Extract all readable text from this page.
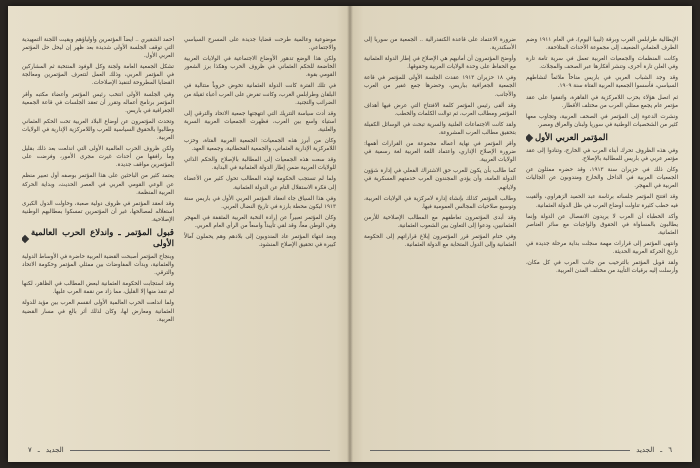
موضوعية وعالمية طرحت قضايا جديدة على المسرح السياسي والاجتماعي.

ولكن هذا الوضع تدهور الأوضاع الاجتماعية في الولايات العربية الخاضعة للحكم العثماني في ظروف الحرب وهكذا برز الشعور القومي بقوة.

في تلك الفترة كانت الدولة العثمانية تخوض حروباً متتالية في البلقان وطرابلس الغرب، وكانت تفرض على العرب أعباء ثقيلة من الضرائب والتجنيد.

وقد أدت سياسة التتريك التي انتهجتها جمعية الاتحاد والترقي إلى استياء واسع بين العرب، فظهرت الجمعيات العربية السرية والعلنية.

وكان من أبرز هذه الجمعيات: الجمعية العربية الفتاة، وحزب اللامركزية الإدارية العثماني، والجمعية القحطانية، وجمعية العهد.

وقد سعت هذه الجمعيات إلى المطالبة بالإصلاح والحكم الذاتي للولايات العربية ضمن إطار الدولة العثمانية في البداية.

ولما لم تستجب الحكومة لهذه المطالب تحول كثير من الأعضاء إلى فكرة الاستقلال التام عن الدولة العثمانية.

وفي هذا السياق جاء انعقاد المؤتمر العربي الأول في باريس سنة ١٩١٣ ليكون محطة بارزة في تاريخ النضال العربي.

وكان المؤتمر تعبيراً عن إرادة النخبة العربية المثقفة في المهجر وفي الوطن معاً، وقد لقي تأييداً واسعاً من الرأي العام العربي.

وبعد انتهاء المؤتمر عاد المندوبون إلى بلادهم وهم يحملون آمالاً كبيرة في تحقيق الإصلاح المنشود.

أحمد الشقيري .. ايضاً المؤتمرين وأولياؤهم وبقيت اللجنة التمهيدية التي توقف الجلسة الأولى شديدة بعد ظهر إن ليحل حل المؤتمر العربي الأول.

تشكل الجمعية العامة ولجنة وكل الوفود المنتخبة ثم المشاركين في المؤتمر العربي، وذلك العمل لتتعرف المؤتمرين ومعالجة القضايا المطروحة لتنفيذ الإصلاحات.

وفي الجلسة الأولى انتخب رئيس المؤتمر وأعضاء مكتبه وأقر المؤتمر برنامج أعماله وتقرر أن تعقد الجلسات في قاعة الجمعية الجغرافية في باريس.

وتحدث المؤتمرون عن أوضاع البلاد العربية تحت الحكم العثماني وطالبوا بالحقوق السياسية للعرب واللامركزية الإدارية في الولايات العربية.

ولكن ظروف الحرب العالمية الأولى التي اندلعت بعد ذلك بقليل وما رافقها من أحداث غيرت مجرى الأمور، وفرضت على المؤتمرين مواقف جديدة.

يعتمد كثير من الباحثين على هذا المؤتمر بوصفه أول تعبير منظم عن الوعي القومي العربي في العصر الحديث، وبداية الحركة العربية المنظمة.

وقد انعقد المؤتمر في ظروف دولية صعبة، وحاولت الدول الكبرى استغلاله لمصالحها، غير أن المؤتمرين تمسكوا بمطالبهم الوطنية الإصلاحية.

قبول المؤتمر ـ واندلاع الحرب العالمية الأولى

وبنجاح المؤتمر أصبحت القضية العربية حاضرة في الأوساط الدولية والعثمانية، وبدأت المفاوضات بين ممثلي المؤتمر وحكومة الاتحاد والترقي.

وقد استجابت الحكومة العثمانية لبعض المطالب في الظاهر، لكنها لم تنفذ منها إلا القليل، مما زاد من نقمة العرب عليها.

ولما اندلعت الحرب العالمية الأولى انقسم العرب بين مؤيد للدولة العثمانية ومعارض لها، وكان لذلك أثر بالغ في مسار القضية العربية.

٧ ـ الجديد

الإيطالية طرابلس الغرب وبرقة (ليبيا اليوم)، في العام ١٩١١ وضم الطرف العثماني الضعيف إلى مجموعة الأحداث المتلاحقة.

وكانت المنظمات والجمعيات العربية تعمل في سرية تامة تارة وفي العلن تارة أخرى، وتنشر أفكارها عبر الصحف والمجلات.

وقد وجد الشباب العربي في باريس مناخاً ملائماً لنشاطهم السياسي، فأسسوا الجمعية العربية الفتاة سنة ١٩٠٩.

ثم اتصل هؤلاء بحزب اللامركزية في القاهرة، واتفقوا على عقد مؤتمر عام يجمع ممثلي العرب من مختلف الأقطار.

ونشرت الدعوة إلى المؤتمر في الصحف العربية، وتجاوب معها كثير من الشخصيات الوطنية في سوريا ولبنان والعراق ومصر.

المؤتمر العربي الأول

وفي هذه الظروف تحرك أبناء العرب في الخارج، وتنادوا إلى عقد مؤتمر عربي في باريس للمطالبة بالإصلاح.

وكان ذلك في حزيران سنة ١٩١٣، وقد حضره ممثلون عن الجمعيات العربية في الداخل والخارج ومندوبون عن الجاليات العربية في المهجر.

وقد افتتح المؤتمر جلساته برئاسة عبد الحميد الزهراوي، وألقيت فيه خطب كثيرة تناولت أوضاع العرب في ظل الدولة العثمانية.

وأكد الخطباء أن العرب لا يريدون الانفصال عن الدولة وإنما يطالبون بالمساواة في الحقوق والواجبات مع سائر العناصر العثمانية.

وانتهى المؤتمر إلى قرارات مهمة سجلت بداية مرحلة جديدة في تاريخ الحركة العربية الحديثة.

ولقد قوبل المؤتمر بالترحيب من جانب العرب في كل مكان، وأرسلت إليه برقيات التأييد من مختلف المدن العربية.

ضرورة الاعتماد على قاعدة الكنفدرالية .. الجمعية من سوريا إلى الأسكندرية.

وأوضح المؤتمرون أن أمانيهم هي الإصلاح في إطار الدولة العثمانية مع الحفاظ على وحدة الولايات العربية وحقوقها.

وفي ١٨ حزيران ١٩١٣ عقدت الجلسة الأولى للمؤتمر في قاعة الجمعية الجغرافية بباريس، وحضرها جمع غفير من العرب والأجانب.

وقد ألقى رئيس المؤتمر كلمة الافتتاح التي عرض فيها أهداف المؤتمر ومطالب العرب، ثم توالت الكلمات والخطب.

ولقد كانت الاجتماعات العلنية والسرية تبحث في الوسائل الكفيلة بتحقيق مطالب العرب المشروعة.

وأقر المؤتمر في نهاية أعماله مجموعة من القرارات أهمها: ضرورة الإصلاح الإداري، واعتماد اللغة العربية لغة رسمية في الولايات العربية.

كما طالب بأن يكون للعرب حق الاشتراك الفعلي في إدارة شؤون الدولة العامة، وأن يؤدي المجندون العرب خدمتهم العسكرية في ولاياتهم.

وطالب المؤتمر كذلك بإنشاء إدارة لامركزية في الولايات العربية، وتوسيع صلاحيات المجالس العمومية فيها.

وقد أبدى المؤتمرون تعاطفهم مع المطالب الإصلاحية للأرمن العثمانيين، ودعوا إلى التعاون بين الشعوب العثمانية.

وفي ختام المؤتمر قرر المؤتمرون إبلاغ قراراتهم إلى الحكومة العثمانية وإلى الدول المتحابة مع الدولة العثمانية.

الجديد ـ ٦
